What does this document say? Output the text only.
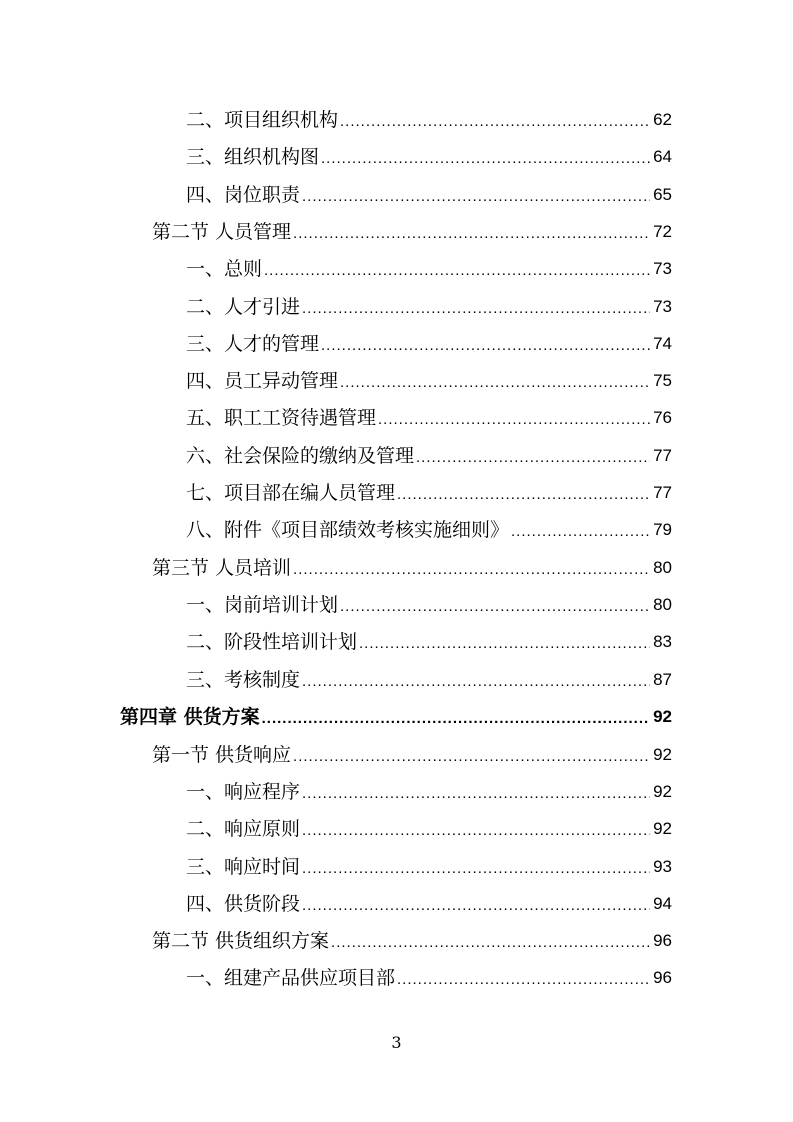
二、项目组织机构 .....	62
三、组织机构图 .....	64
四、岗位职责 .....	65
第二节 人员管理 .....	72
一、总则 .....	73
二、人才引进 .....	73
三、人才的管理 .....	74
四、员工异动管理 .....	75
五、职工工资待遇管理 .....	76
六、社会保险的缴纳及管理 .....	77
七、项目部在编人员管理 .....	77
八、附件《项目部绩效考核实施细则》 .....	79
第三节 人员培训 .....	80
一、岗前培训计划 .....	80
二、阶段性培训计划 .....	83
三、考核制度 .....	87
第四章 供货方案 .....	92
第一节 供货响应 .....	92
一、响应程序 .....	92
二、响应原则 .....	92
三、响应时间 .....	93
四、供货阶段 .....	94
第二节 供货组织方案 .....	96
一、组建产品供应项目部 .....	96
3
